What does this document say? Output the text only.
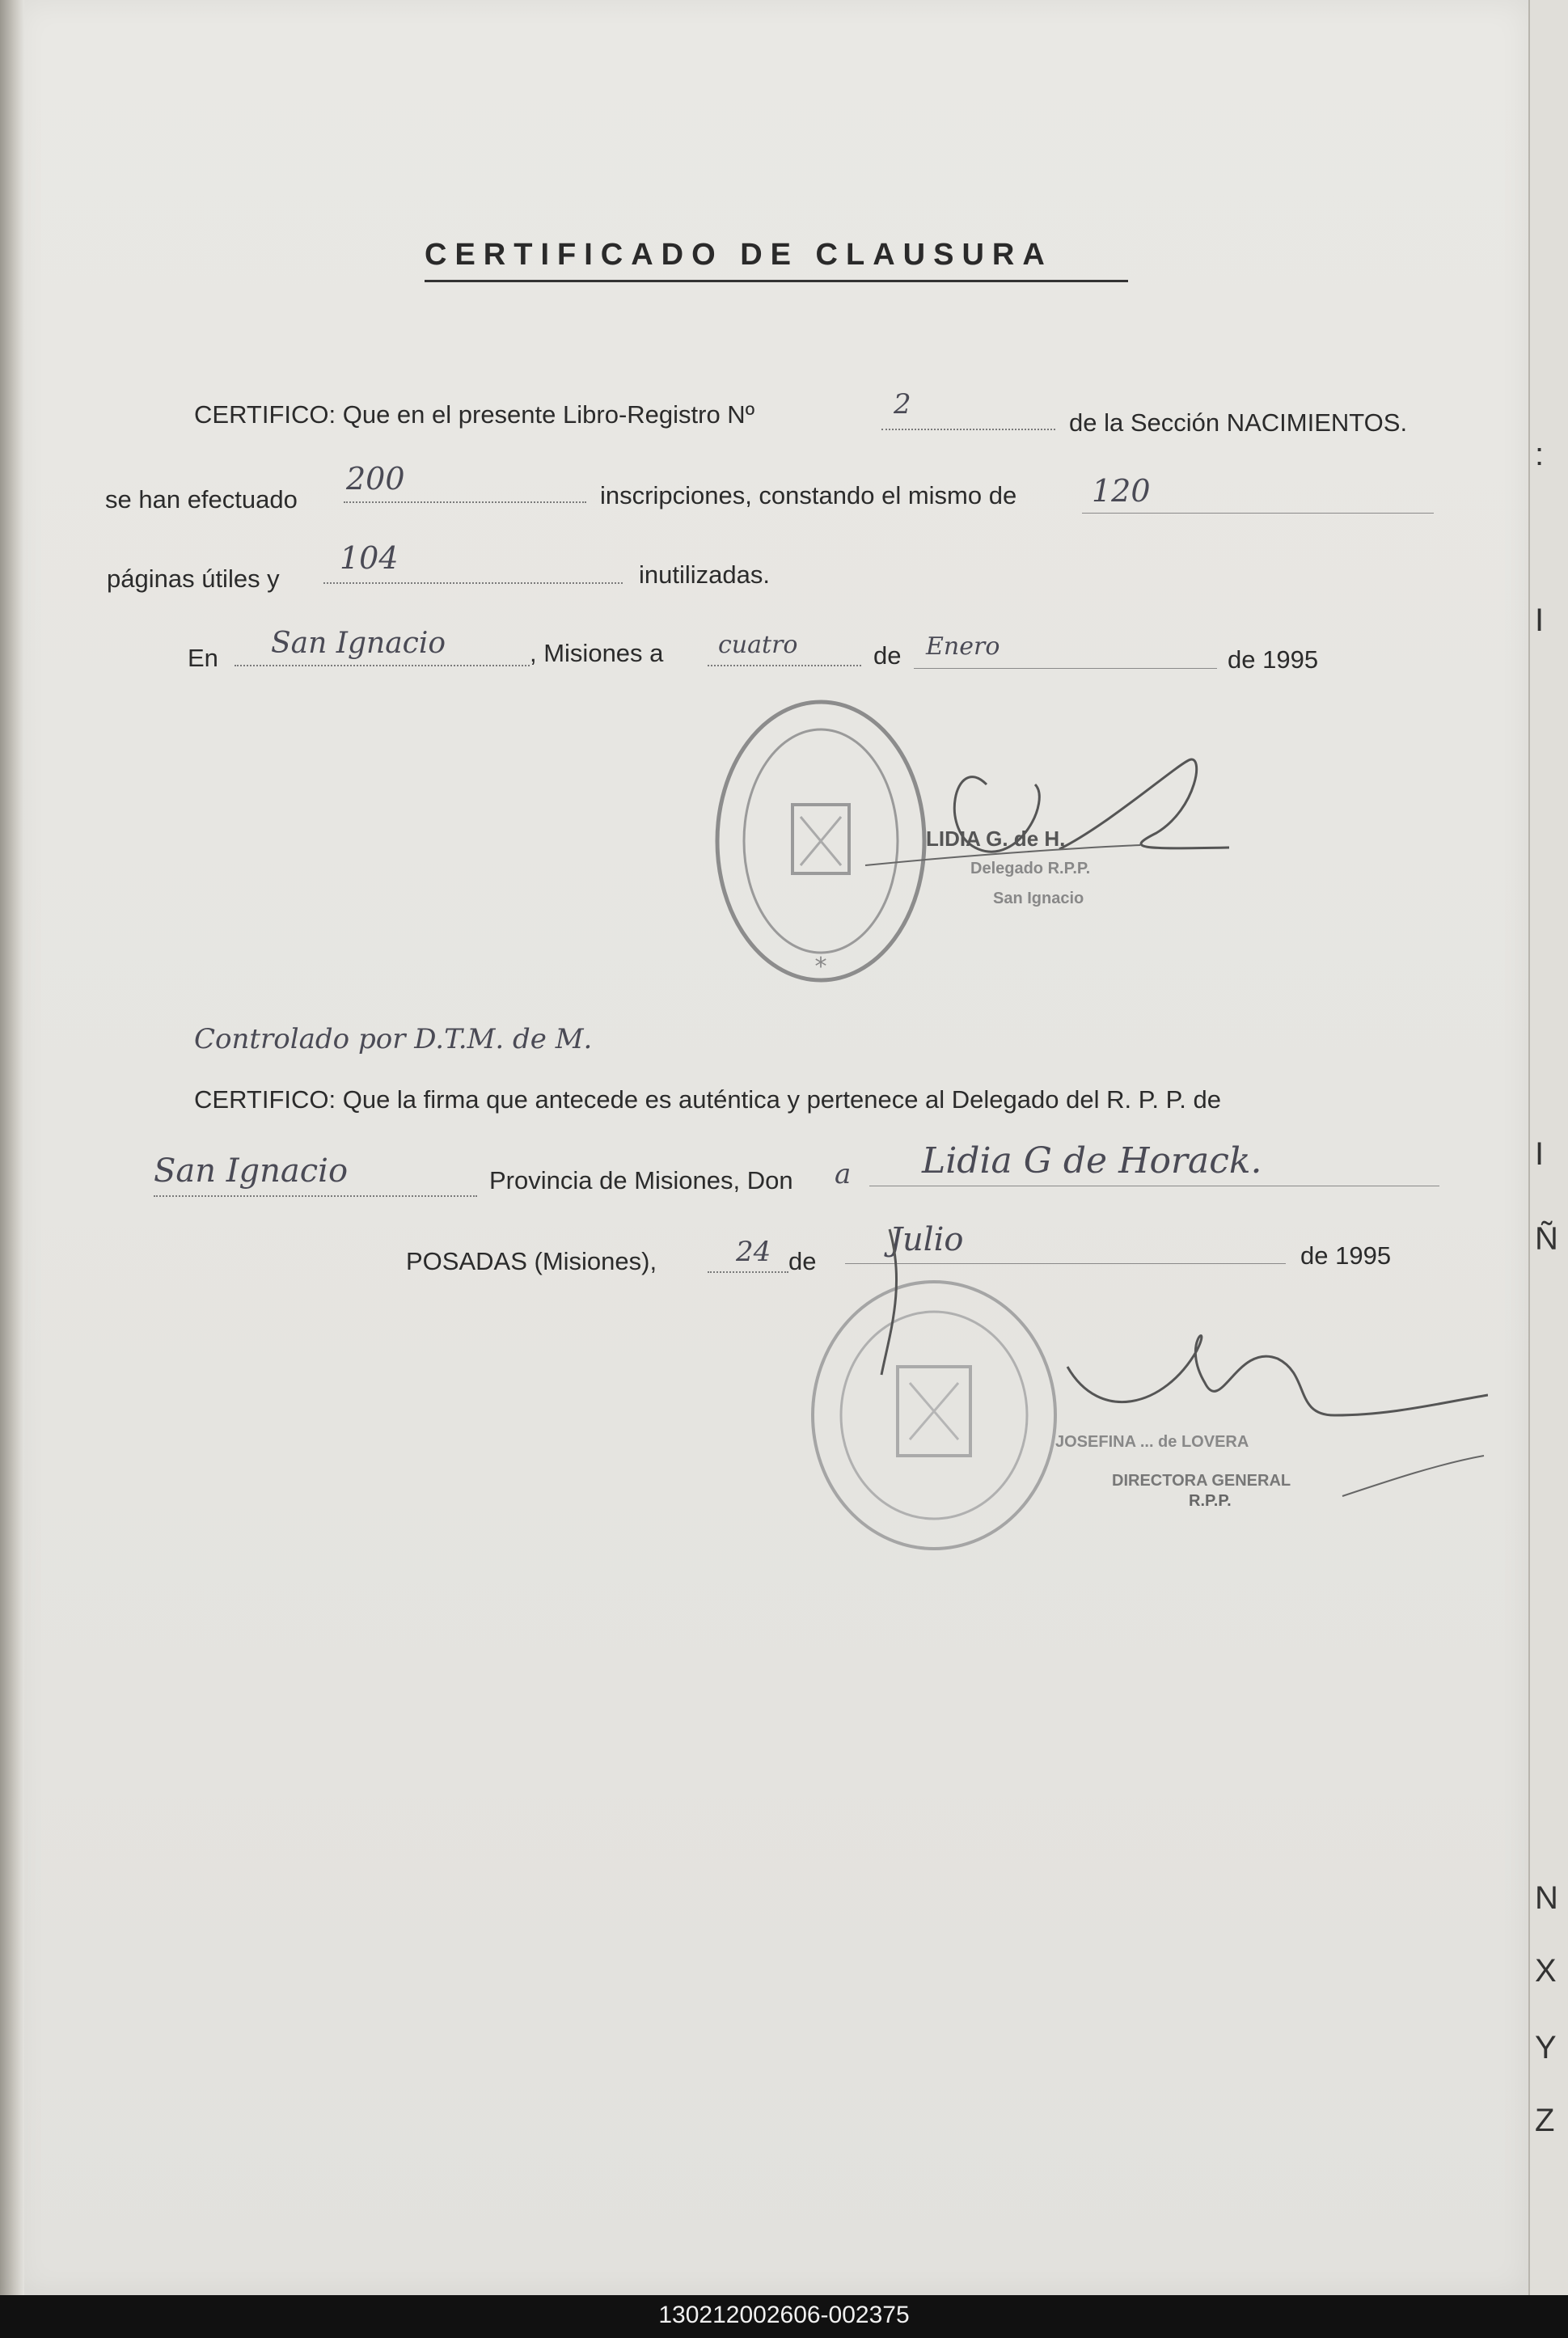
:
I
I
Ñ
N
X
Y
Z
CERTIFICADO DE CLAUSURA
CERTIFICO: Que en el presente Libro-Registro Nº	2
de la Sección NACIMIENTOS.
se han efectuado
200	inscripciones, constando el mismo de 120
páginas útiles y
104	inutilizadas.
En San Ignacio	, Misiones a cuatro	de Enero	de 1995
*
LIDIA G. de H.
Delegado R.P.P.
San Ignacio
Controlado por D.T.M. de M.
CERTIFICO: Que la firma que antecede es auténtica y pertenece al Delegado del R. P. P. de
San Ignacio	Provincia de Misiones, Don a Lidia G de Horack.
POSADAS (Misiones),	24 de
Julio	de 1995
JOSEFINA ... de LOVERA
DIRECTORA GENERAL
R.P.P.
130212002606-002375
